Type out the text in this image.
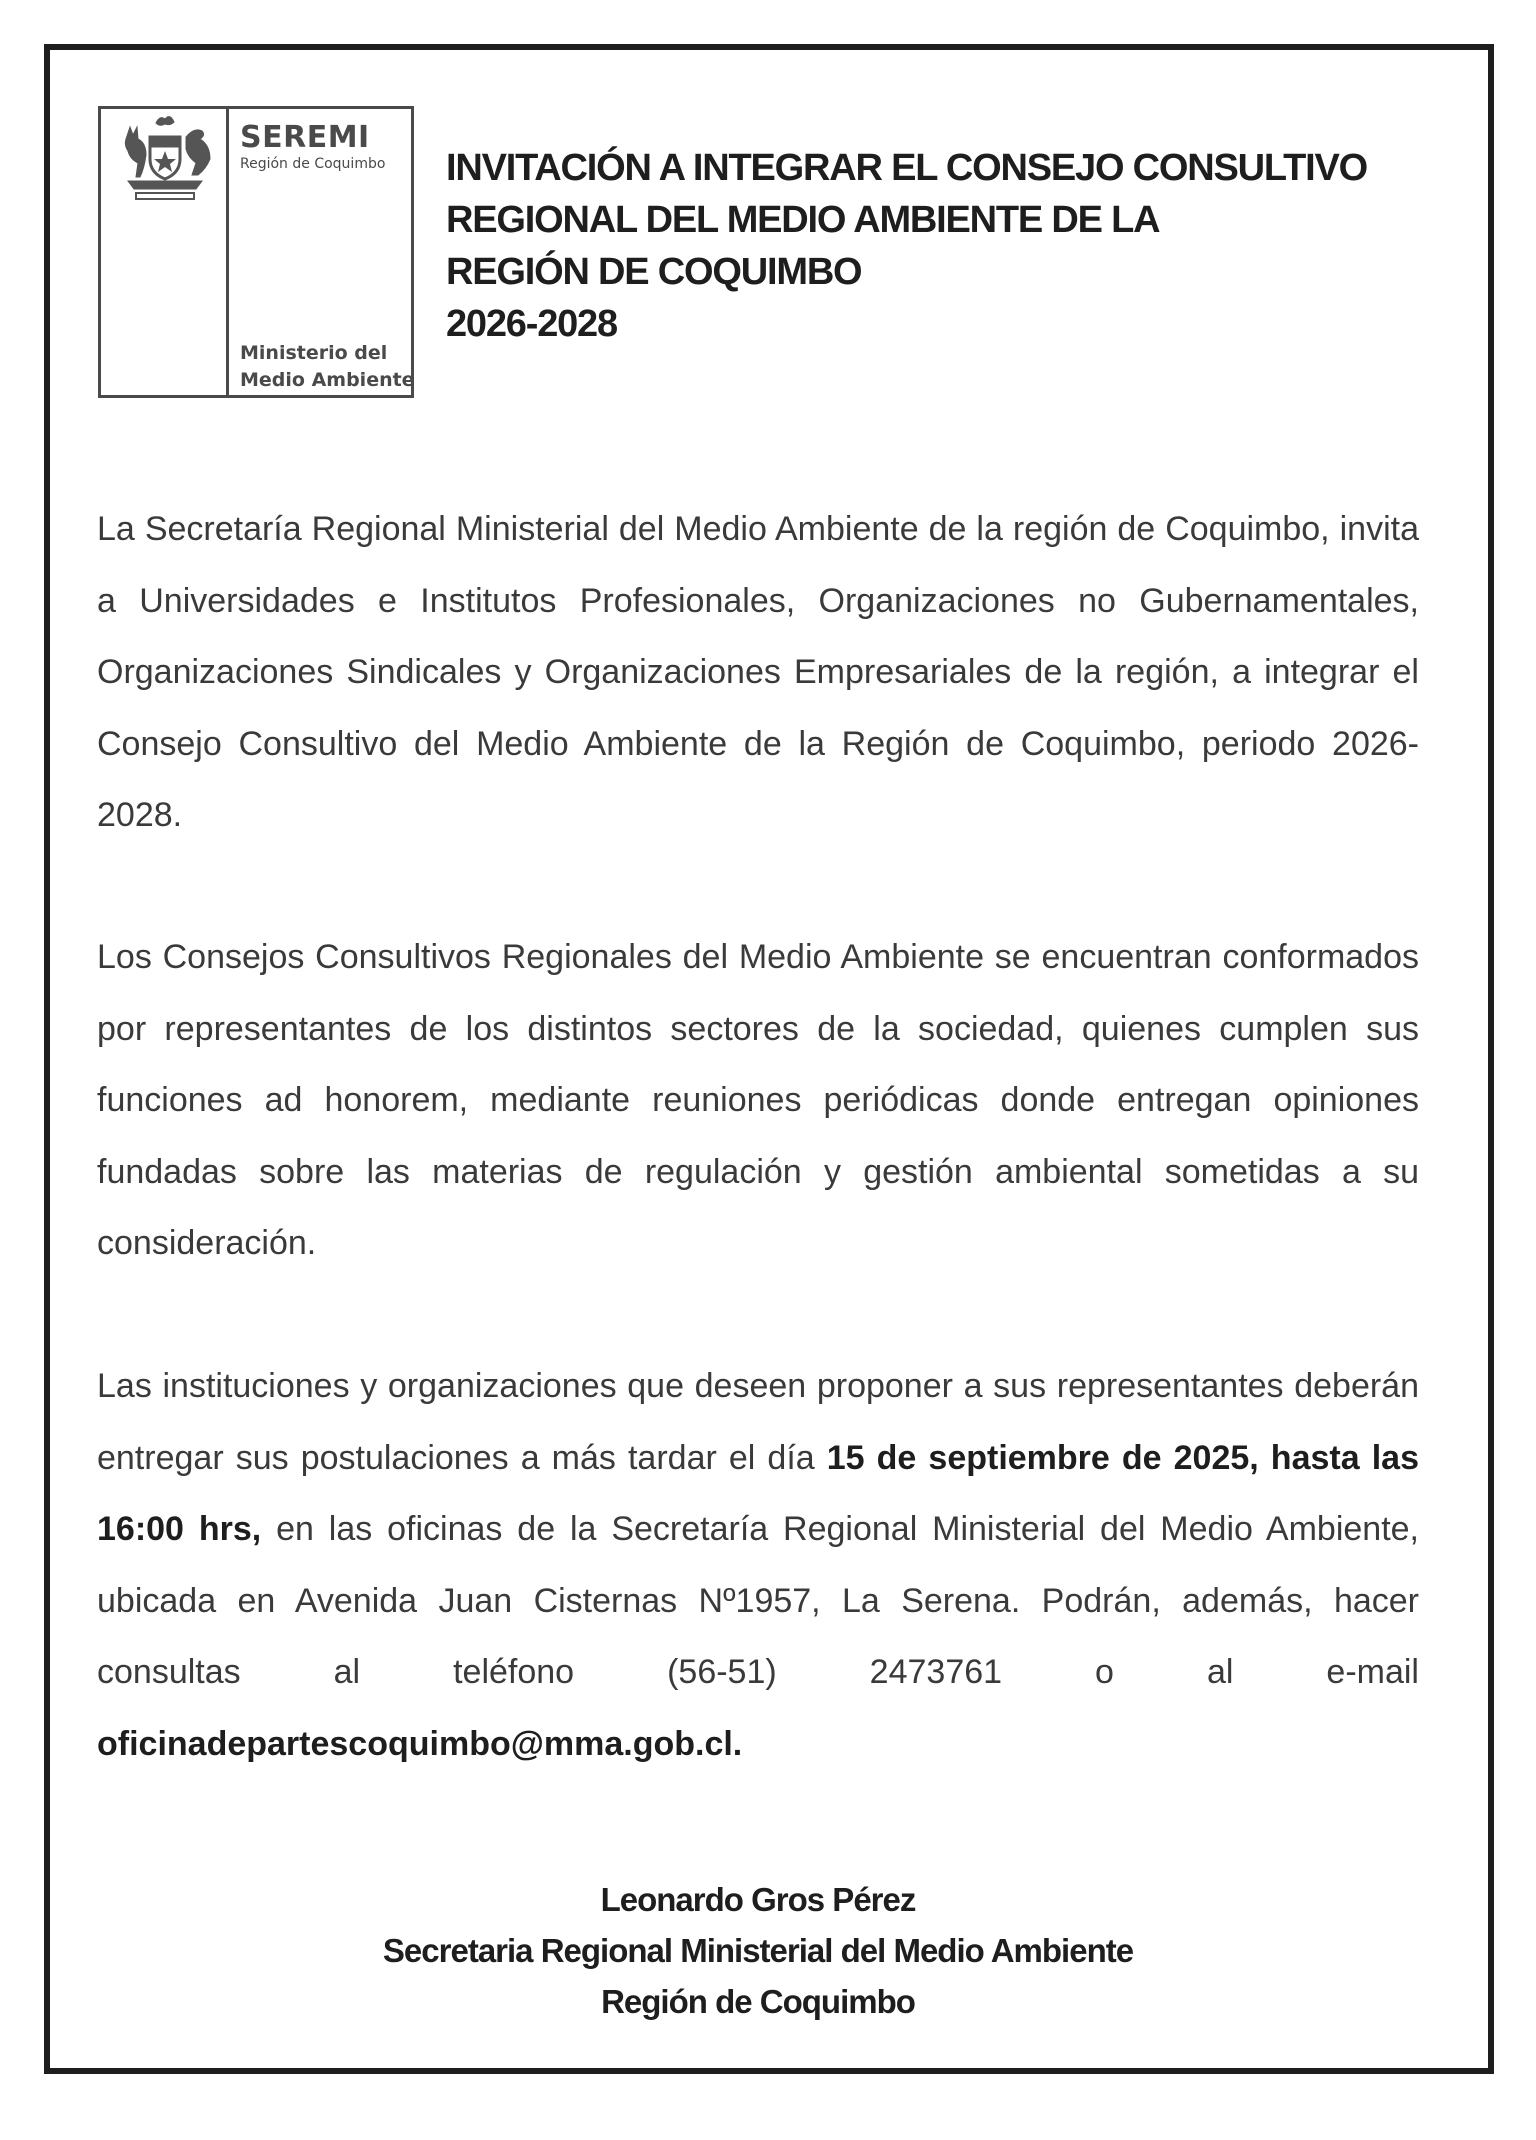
SEREMI
Región de Coquimbo
Ministerio del
Medio Ambiente
INVITACIÓN A INTEGRAR EL CONSEJO CONSULTIVO
REGIONAL DEL MEDIO AMBIENTE DE LA
REGIÓN DE COQUIMBO
2026-2028
La Secretaría Regional Ministerial del Medio Ambiente de la región de Coquimbo, invita a Universidades e Institutos Profesionales, Organizaciones no Gubernamentales, Organizaciones Sindicales y Organizaciones Empresariales de la región, a integrar el Consejo Consultivo del Medio Ambiente de la Región de Coquimbo, periodo 2026-2028.
Los Consejos Consultivos Regionales del Medio Ambiente se encuentran conformados por representantes de los distintos sectores de la sociedad, quienes cumplen sus funciones ad honorem, mediante reuniones periódicas donde entregan opiniones fundadas sobre las materias de regulación y gestión ambiental sometidas a su consideración.
Las instituciones y organizaciones que deseen proponer a sus representantes deberán entregar sus postulaciones a más tardar el día 15 de septiembre de 2025, hasta las 16:00 hrs, en las oficinas de la Secretaría Regional Ministerial del Medio Ambiente, ubicada en Avenida Juan Cisternas Nº1957, La Serena. Podrán, además, hacer consultas al teléfono (56-51) 2473761 o al e-mail oficinadepartescoquimbo@mma.gob.cl.
Leonardo Gros Pérez
Secretaria Regional Ministerial del Medio Ambiente
Región de Coquimbo
